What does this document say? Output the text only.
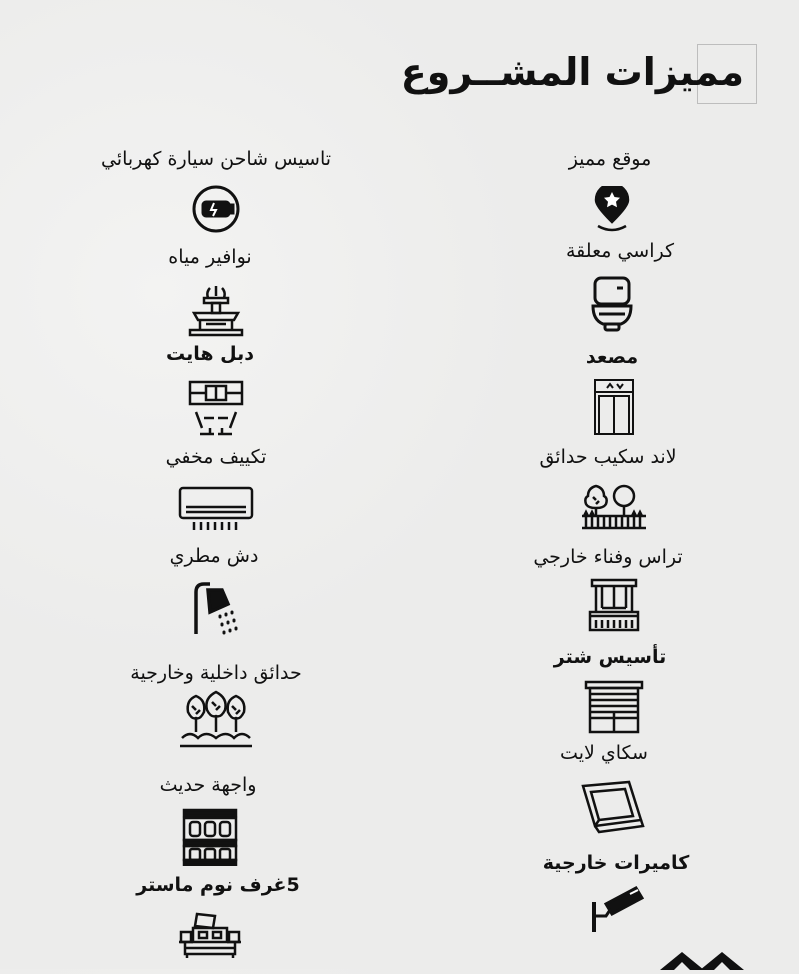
مميزات المشــروع
تاسيس شاحن سيارة كهربائي
نوافير مياه
دبل هايت
تكييف مخفي
دش مطري
حدائق داخلية وخارجية
واجهة حديث
5غرف نوم ماستر
موقع مميز
كراسي معلقة
مصعد
لاند سكيب حدائق
تراس وفناء خارجي
تأسيس شتر
سكاي لايت
كاميرات خارجية
